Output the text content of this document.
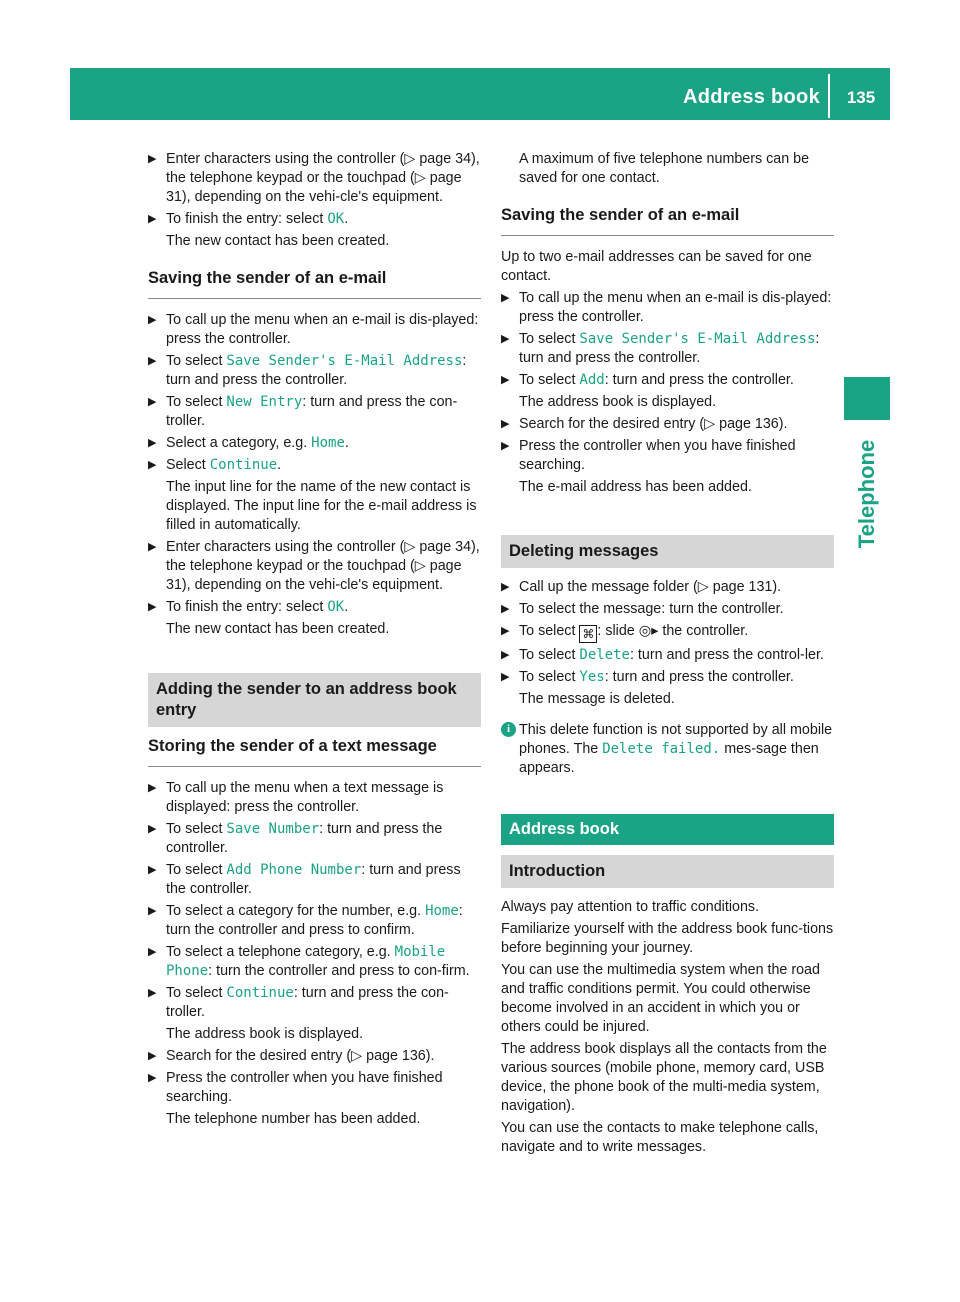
Address book	135
Telephone
▶ Enter characters using the controller (▷ page 34), the telephone keypad or the touchpad (▷ page 31), depending on the vehi-cle's equipment.
▶ To finish the entry: select OK.
The new contact has been created.
Saving the sender of an e-mail
▶ To call up the menu when an e-mail is dis-played: press the controller.
▶ To select Save Sender's E-Mail Address: turn and press the controller.
▶ To select New Entry: turn and press the con-troller.
▶ Select a category, e.g. Home.
▶ Select Continue.
The input line for the name of the new contact is displayed. The input line for the e-mail address is filled in automatically.
▶ Enter characters using the controller (▷ page 34), the telephone keypad or the touchpad (▷ page 31), depending on the vehi-cle's equipment.
▶ To finish the entry: select OK.
The new contact has been created.
Adding the sender to an address book entry
Storing the sender of a text message
▶ To call up the menu when a text message is displayed: press the controller.
▶ To select Save Number: turn and press the controller.
▶ To select Add Phone Number: turn and press the controller.
▶ To select a category for the number, e.g. Home: turn the controller and press to confirm.
▶ To select a telephone category, e.g. Mobile Phone: turn the controller and press to con-firm.
▶ To select Continue: turn and press the con-troller.
The address book is displayed.
▶ Search for the desired entry (▷ page 136).
▶ Press the controller when you have finished searching.
The telephone number has been added.
A maximum of five telephone numbers can be saved for one contact.
Saving the sender of an e-mail
Up to two e-mail addresses can be saved for one contact.
▶ To call up the menu when an e-mail is dis-played: press the controller.
▶ To select Save Sender's E-Mail Address: turn and press the controller.
▶ To select Add: turn and press the controller.
The address book is displayed.
▶ Search for the desired entry (▷ page 136).
▶ Press the controller when you have finished searching.
The e-mail address has been added.
Deleting messages
▶ Call up the message folder (▷ page 131).
▶ To select the message: turn the controller.
▶ To select ⌘ : slide ◎▸ the controller.
▶ To select Delete: turn and press the control-ler.
▶ To select Yes: turn and press the controller.
The message is deleted.
i This delete function is not supported by all mobile phones. The Delete failed. mes-sage then appears.
Address book
Introduction
Always pay attention to traffic conditions.
Familiarize yourself with the address book func-tions before beginning your journey.
You can use the multimedia system when the road and traffic conditions permit. You could otherwise become involved in an accident in which you or others could be injured.
The address book displays all the contacts from the various sources (mobile phone, memory card, USB device, the phone book of the multi-media system, navigation).
You can use the contacts to make telephone calls, navigate and to write messages.
